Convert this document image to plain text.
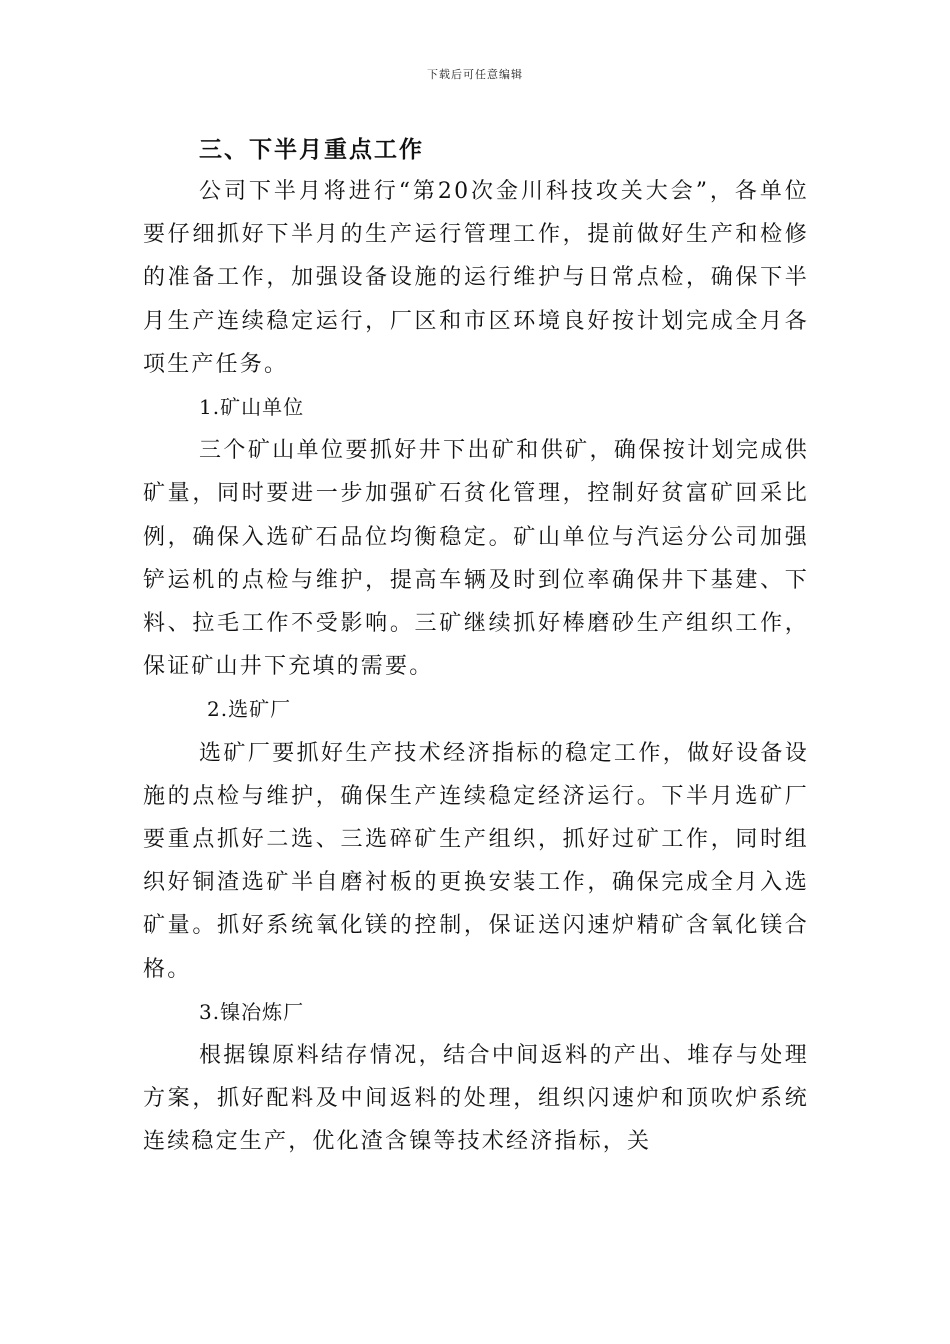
下载后可任意编辑

三、下半月重点工作

公司下半月将进行“第20次金川科技攻关大会”，各单位要仔细抓好下半月的生产运行管理工作，提前做好生产和检修的准备工作，加强设备设施的运行维护与日常点检，确保下半月生产连续稳定运行，厂区和市区环境良好按计划完成全月各项生产任务。

1.矿山单位

三个矿山单位要抓好井下出矿和供矿，确保按计划完成供矿量，同时要进一步加强矿石贫化管理，控制好贫富矿回采比例，确保入选矿石品位均衡稳定。矿山单位与汽运分公司加强铲运机的点检与维护，提高车辆及时到位率确保井下基建、下料、拉毛工作不受影响。三矿继续抓好棒磨砂生产组织工作，保证矿山井下充填的需要。

2.选矿厂

选矿厂要抓好生产技术经济指标的稳定工作，做好设备设施的点检与维护，确保生产连续稳定经济运行。下半月选矿厂要重点抓好二选、三选碎矿生产组织，抓好过矿工作，同时组织好铜渣选矿半自磨衬板的更换安装工作，确保完成全月入选矿量。抓好系统氧化镁的控制，保证送闪速炉精矿含氧化镁合格。

3.镍冶炼厂

根据镍原料结存情况，结合中间返料的产出、堆存与处理方案，抓好配料及中间返料的处理，组织闪速炉和顶吹炉系统连续稳定生产，优化渣含镍等技术经济指标，关
